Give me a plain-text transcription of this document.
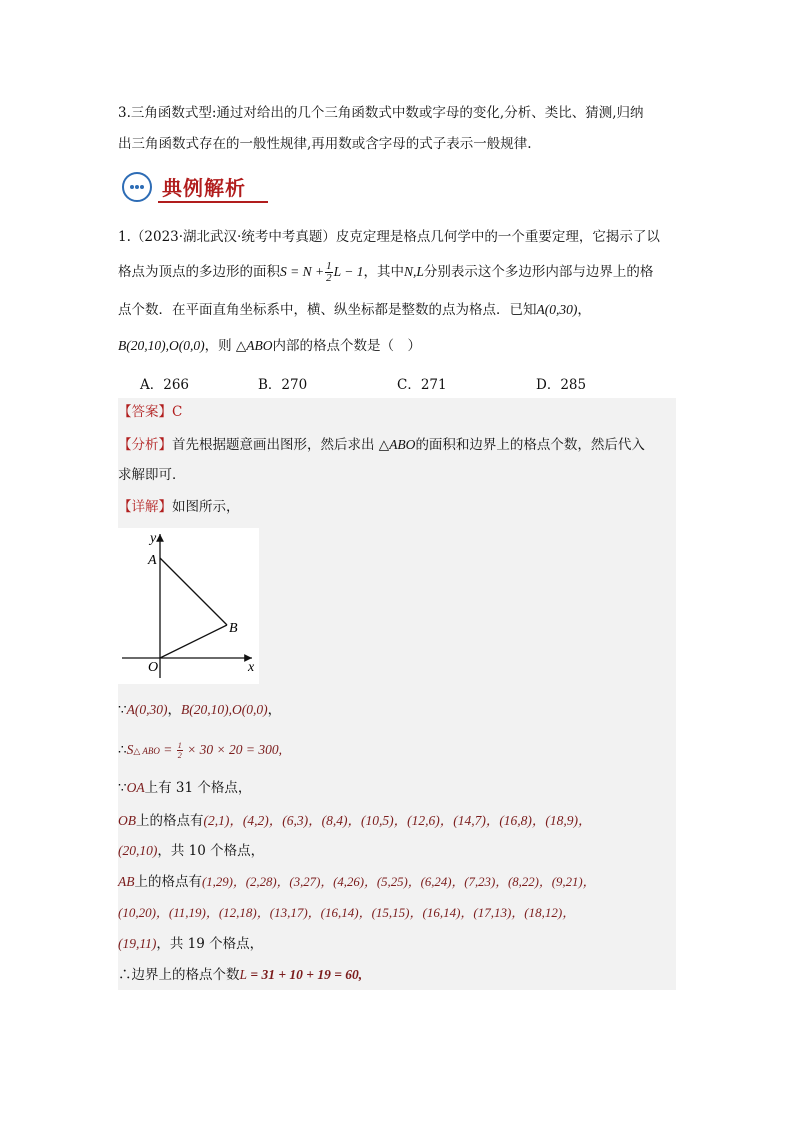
3.三角函数式型:通过对给出的几个三角函数式中数或字母的变化,分析、类比、猜测,归纳
出三角函数式存在的一般性规律,再用数或含字母的式子表示一般规律.
典例解析
1.（2023·湖北武汉·统考中考真题）皮克定理是格点几何学中的一个重要定理，它揭示了以
格点为顶点的多边形的面积$S = N + \frac{1}{2}$ L − 1，其中N,L分别表示这个多边形内部与边界上的格
点个数．在平面直角坐标系中，横、纵坐标都是整数的点为格点．已知A(0,30)，
B(20,10),O(0,0)，则 △ABO内部的格点个数是（　）
A．266	B．270	C．271	D．285
【答案】C
【分析】首先根据题意画出图形，然后求出 △ABO的面积和边界上的格点个数，然后代入
求解即可．
【详解】如图所示，
y
x
A
B
O
∵A(0,30)，B(20,10),O(0,0)，
∴S△ ABO = $\frac{1}{2} \times 30 \times 20 = 300$,
∵OA上有 31 个格点，
OB上的格点有(2,1)，(4,2)，(6,3)，(8,4)，(10,5)，(12,6)，(14,7)，(16,8)，(18,9)，
(20,10)，共 10 个格点，
AB上的格点有(1,29)，(2,28)，(3,27)，(4,26)，(5,25)，(6,24)，(7,23)，(8,22)，(9,21)，
(10,20)，(11,19)，(12,18)，(13,17)，(16,14)，(15,15)，(16,14)，(17,13)，(18,12)，
(19,11)，共 19 个格点，
∴边界上的格点个数L = 31 + 10 + 19 = 60,
